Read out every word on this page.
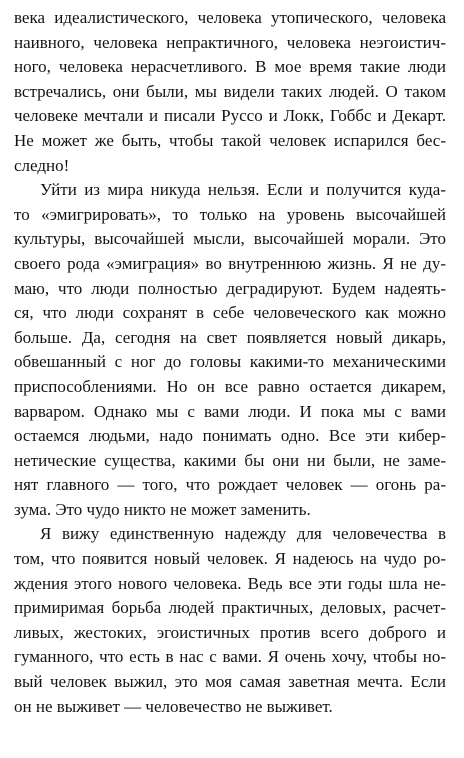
века идеалистического, человека утопического, человека
наивного, человека непрактичного, человека неэгоистич-
ного, человека нерасчетливого. В мое время такие люди
встречались, они были, мы видели таких людей. О таком
человеке мечтали и писали Руссо и Локк, Гоббс и Декарт.
Не может же быть, чтобы такой человек испарился бес-
следно!
Уйти из мира никуда нельзя. Если и получится куда-
то «эмигрировать», то только на уровень высочайшей
культуры, высочайшей мысли, высочайшей морали. Это
своего рода «эмиграция» во внутреннюю жизнь. Я не ду-
маю, что люди полностью деградируют. Будем надеять-
ся, что люди сохранят в себе человеческого как можно
больше. Да, сегодня на свет появляется новый дикарь,
обвешанный с ног до головы какими-то механическими
приспособлениями. Но он все равно остается дикарем,
варваром. Однако мы с вами люди. И пока мы с вами
остаемся людьми, надо понимать одно. Все эти кибер-
нетические существа, какими бы они ни были, не заме-
нят главного — того, что рождает человек — огонь ра-
зума. Это чудо никто не может заменить.
Я вижу единственную надежду для человечества в
том, что появится новый человек. Я надеюсь на чудо ро-
ждения этого нового человека. Ведь все эти годы шла не-
примиримая борьба людей практичных, деловых, расчет-
ливых, жестоких, эгоистичных против всего доброго и
гуманного, что есть в нас с вами. Я очень хочу, чтобы но-
вый человек выжил, это моя самая заветная мечта. Если
он не выживет — человечество не выживет.
